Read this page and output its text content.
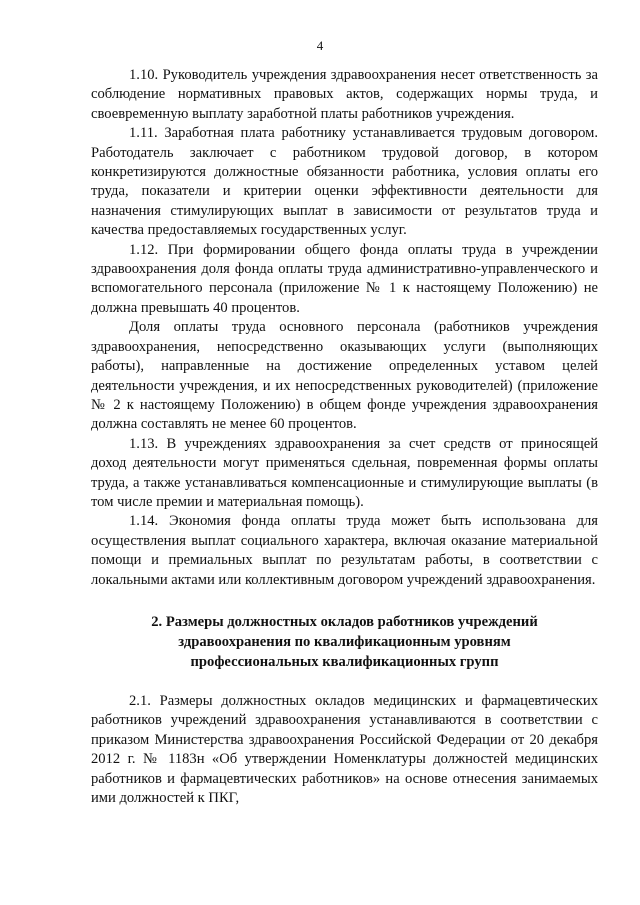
4

1.10. Руководитель учреждения здравоохранения несет ответственность за соблюдение нормативных правовых актов, содержащих нормы труда, и своевременную выплату заработной платы работников учреждения.

1.11. Заработная плата работнику устанавливается трудовым договором. Работодатель заключает с работником трудовой договор, в котором конкретизируются должностные обязанности работника, условия оплаты его труда, показатели и критерии оценки эффективности деятельности для назначения стимулирующих выплат в зависимости от результатов труда и качества предоставляемых государственных услуг.

1.12. При формировании общего фонда оплаты труда в учреждении здравоохранения доля фонда оплаты труда административно-управленческого и вспомогательного персонала (приложение № 1 к настоящему Положению) не должна превышать 40 процентов.

Доля оплаты труда основного персонала (работников учреждения здравоохранения, непосредственно оказывающих услуги (выполняющих работы), направленные на достижение определенных уставом целей деятельности учреждения, и их непосредственных руководителей) (приложение № 2 к настоящему Положению) в общем фонде учреждения здравоохранения должна составлять не менее 60 процентов.

1.13. В учреждениях здравоохранения за счет средств от приносящей доход деятельности могут применяться сдельная, повременная формы оплаты труда, а также устанавливаться компенсационные и стимулирующие выплаты (в том числе премии и материальная помощь).

1.14. Экономия фонда оплаты труда может быть использована для осуществления выплат социального характера, включая оказание материальной помощи и премиальных выплат по результатам работы, в соответствии с локальными актами или коллективным договором учреждений здравоохранения.

2. Размеры должностных окладов работников учреждений
здравоохранения по квалификационным уровням
профессиональных квалификационных групп

2.1. Размеры должностных окладов медицинских и фармацевтических работников учреждений здравоохранения устанавливаются в соответствии с приказом Министерства здравоохранения Российской Федерации от 20 декабря 2012 г. № 1183н «Об утверждении Номенклатуры должностей медицинских работников и фармацевтических работников» на основе отнесения занимаемых ими должностей к ПКГ,
